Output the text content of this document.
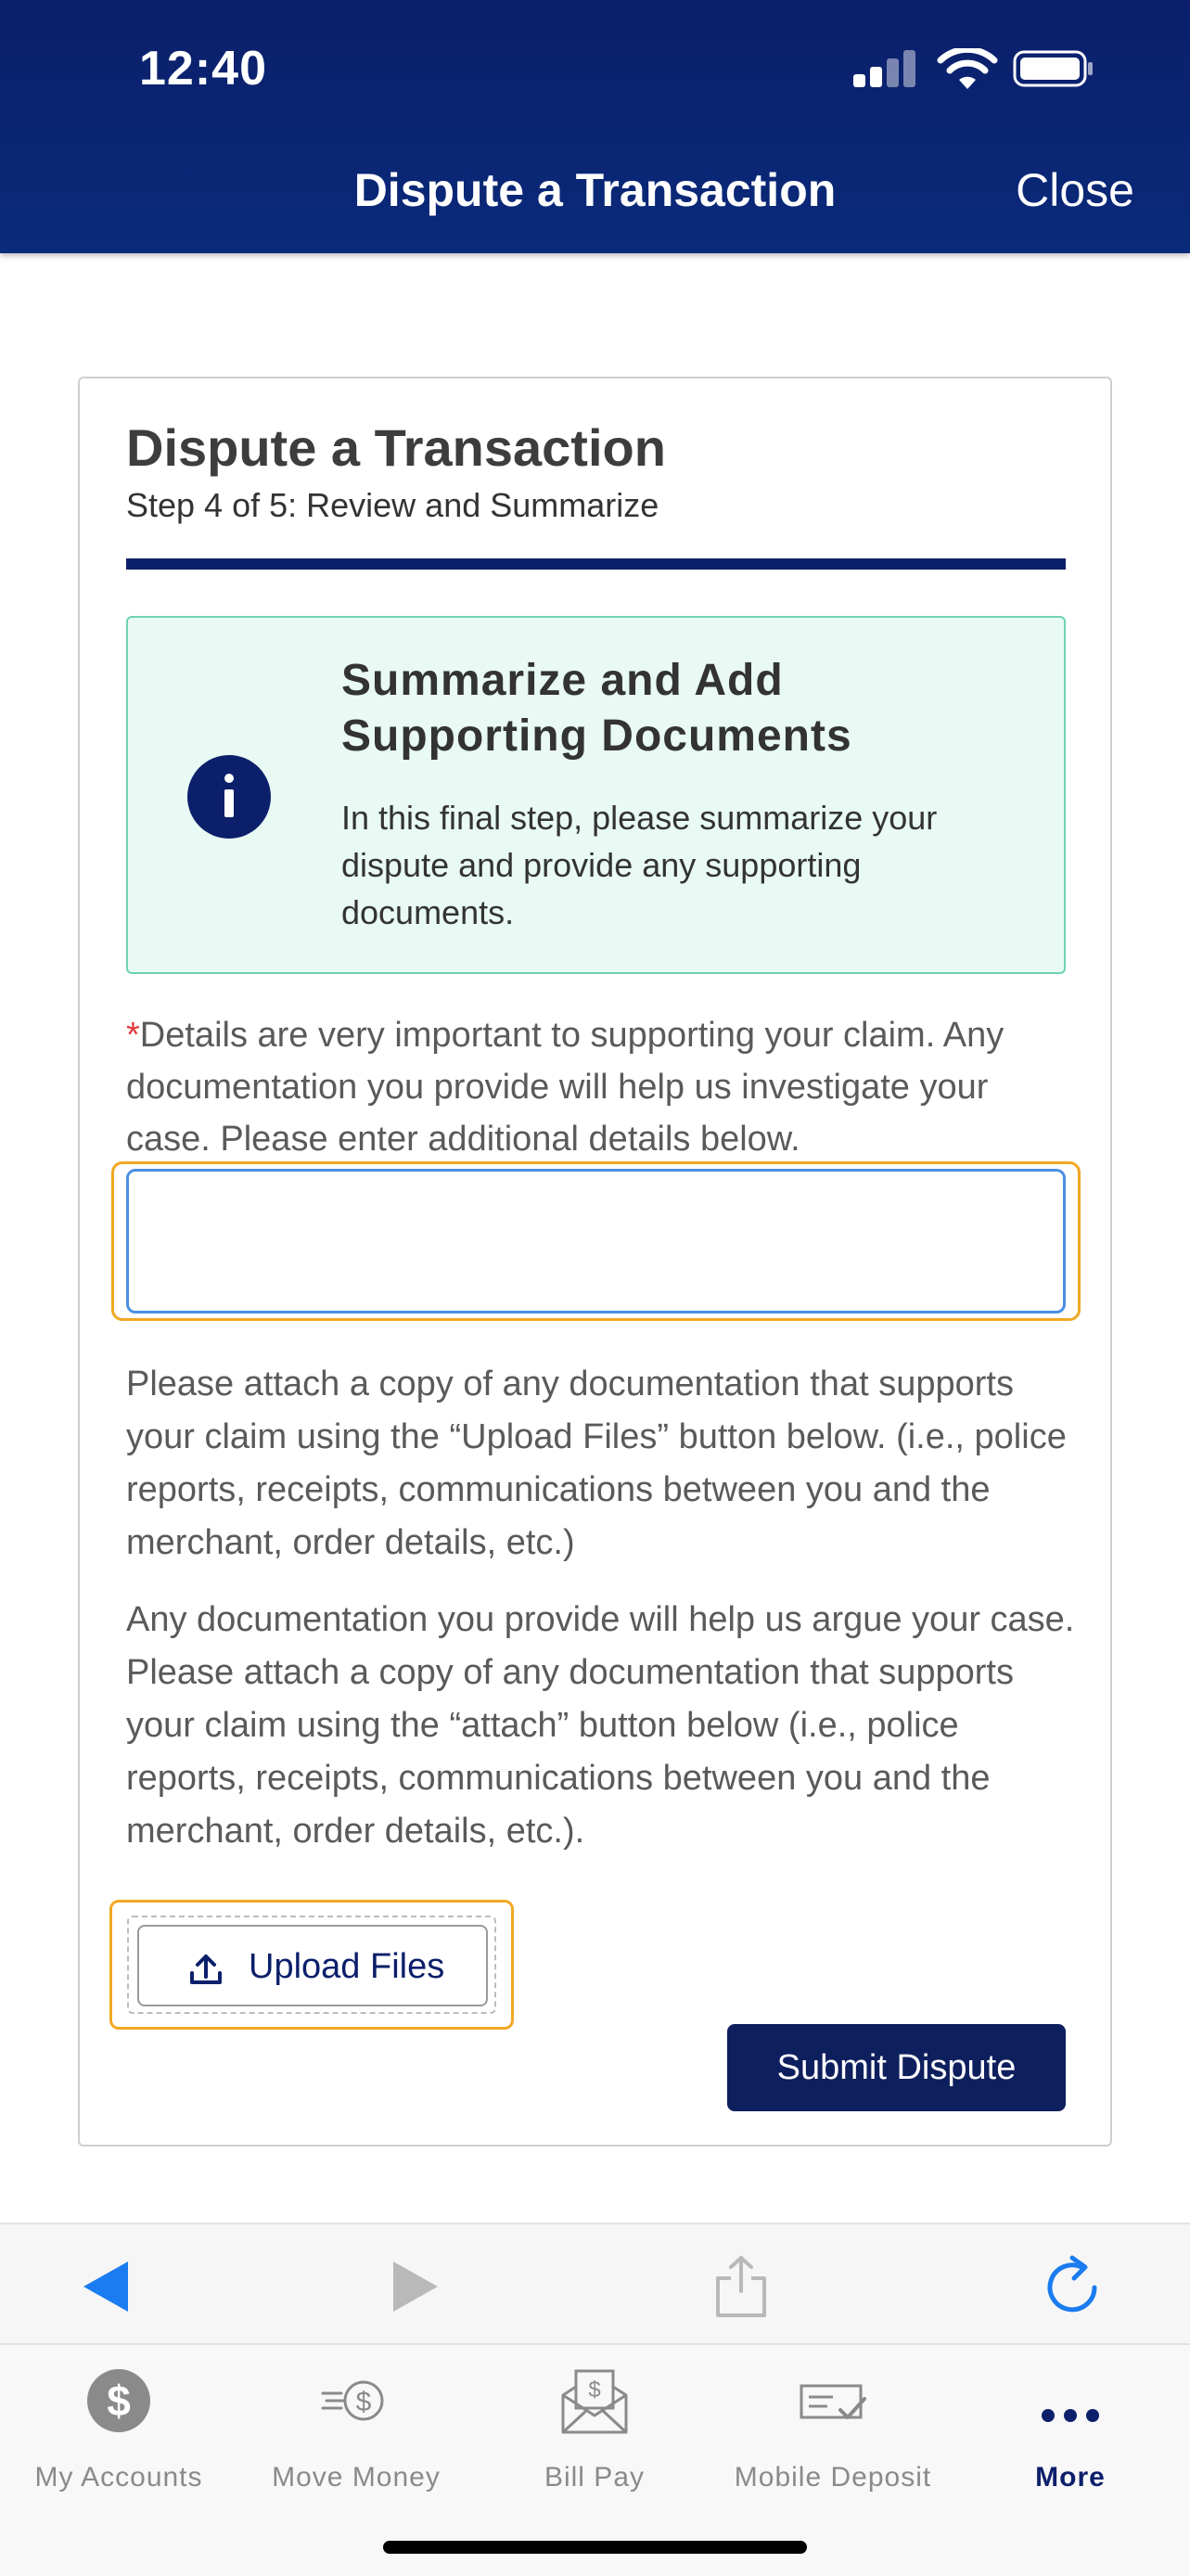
12:40
Dispute a Transaction	Close
Dispute a Transaction
Step 4 of 5: Review and Summarize
Summarize and Add Supporting Documents
In this final step, please summarize your dispute and provide any supporting documents.
*Details are very important to supporting your claim. Any documentation you provide will help us investigate your case. Please enter additional details below.
Please attach a copy of any documentation that supports your claim using the “Upload Files” button below. (i.e., police reports, receipts, communications between you and the merchant, order details, etc.)
Any documentation you provide will help us argue your case. Please attach a copy of any documentation that supports your claim using the “attach” button below (i.e., police reports, receipts, communications between you and the merchant, order details, etc.).
Upload Files
Submit Dispute
$
My Accounts
$
Move Money
$
Bill Pay	Mobile Deposit	More
